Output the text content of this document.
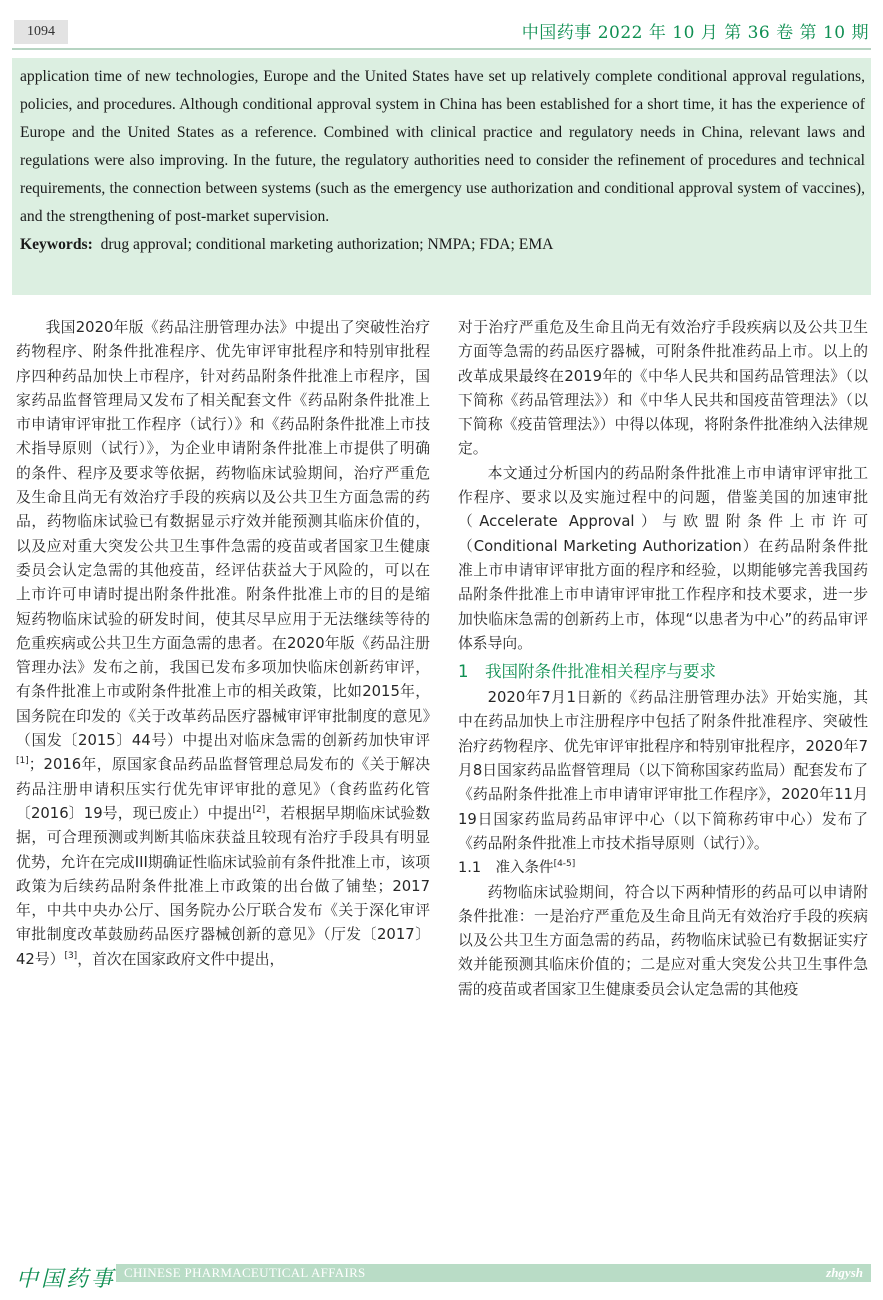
1094	中国药事 2022 年 10 月 第 36 卷 第 10 期

application time of new technologies, Europe and the United States have set up relatively complete conditional approval regulations, policies, and procedures. Although conditional approval system in China has been established for a short time, it has the experience of Europe and the United States as a reference. Combined with clinical practice and regulatory needs in China, relevant laws and regulations were also improving. In the future, the regulatory authorities need to consider the refinement of procedures and technical requirements, the connection between systems (such as the emergency use authorization and conditional approval system of vaccines), and the strengthening of post-market supervision.

Keywords: drug approval; conditional marketing authorization; NMPA; FDA; EMA

我国2020年版《药品注册管理办法》中提出了突破性治疗药物程序、附条件批准程序、优先审评审批程序和特别审批程序四种药品加快上市程序，针对药品附条件批准上市程序，国家药品监督管理局又发布了相关配套文件《药品附条件批准上市申请审评审批工作程序（试行）》和《药品附条件批准上市技术指导原则（试行）》，为企业申请附条件批准上市提供了明确的条件、程序及要求等依据，药物临床试验期间，治疗严重危及生命且尚无有效治疗手段的疾病以及公共卫生方面急需的药品，药物临床试验已有数据显示疗效并能预测其临床价值的，以及应对重大突发公共卫生事件急需的疫苗或者国家卫生健康委员会认定急需的其他疫苗，经评估获益大于风险的，可以在上市许可申请时提出附条件批准。附条件批准上市的目的是缩短药物临床试验的研发时间，使其尽早应用于无法继续等待的危重疾病或公共卫生方面急需的患者。在2020年版《药品注册管理办法》发布之前，我国已发布多项加快临床创新药审评，有条件批准上市或附条件批准上市的相关政策，比如2015年，国务院在印发的《关于改革药品医疗器械审评审批制度的意见》（国发〔2015〕44号）中提出对临床急需的创新药加快审评[1]；2016年，原国家食品药品监督管理总局发布的《关于解决药品注册申请积压实行优先审评审批的意见》（食药监药化管〔2016〕19号，现已废止）中提出[2]，若根据早期临床试验数据，可合理预测或判断其临床获益且较现有治疗手段具有明显优势，允许在完成III期确证性临床试验前有条件批准上市，该项政策为后续药品附条件批准上市政策的出台做了铺垫；2017年，中共中央办公厅、国务院办公厅联合发布《关于深化审评审批制度改革鼓励药品医疗器械创新的意见》（厅发〔2017〕42号）[3]，首次在国家政府文件中提出，

对于治疗严重危及生命且尚无有效治疗手段疾病以及公共卫生方面等急需的药品医疗器械，可附条件批准药品上市。以上的改革成果最终在2019年的《中华人民共和国药品管理法》（以下简称《药品管理法》）和《中华人民共和国疫苗管理法》（以下简称《疫苗管理法》）中得以体现，将附条件批准纳入法律规定。

本文通过分析国内的药品附条件批准上市申请审评审批工作程序、要求以及实施过程中的问题，借鉴美国的加速审批（Accelerate Approval）与欧盟附条件上市许可（Conditional Marketing Authorization）在药品附条件批准上市申请审评审批方面的程序和经验，以期能够完善我国药品附条件批准上市申请审评审批工作程序和技术要求，进一步加快临床急需的创新药上市，体现“以患者为中心”的药品审评体系导向。

1　我国附条件批准相关程序与要求

2020年7月1日新的《药品注册管理办法》开始实施，其中在药品加快上市注册程序中包括了附条件批准程序、突破性治疗药物程序、优先审评审批程序和特别审批程序，2020年7月8日国家药品监督管理局（以下简称国家药监局）配套发布了《药品附条件批准上市申请审评审批工作程序》，2020年11月19日国家药监局药品审评中心（以下简称药审中心）发布了《药品附条件批准上市技术指导原则（试行）》。

1.1　准入条件[4-5]

药物临床试验期间，符合以下两种情形的药品可以申请附条件批准：一是治疗严重危及生命且尚无有效治疗手段的疾病以及公共卫生方面急需的药品，药物临床试验已有数据证实疗效并能预测其临床价值的；二是应对重大突发公共卫生事件急需的疫苗或者国家卫生健康委员会认定急需的其他疫

中国药事 CHINESE PHARMACEUTICAL AFFAIRS	zhgysh
